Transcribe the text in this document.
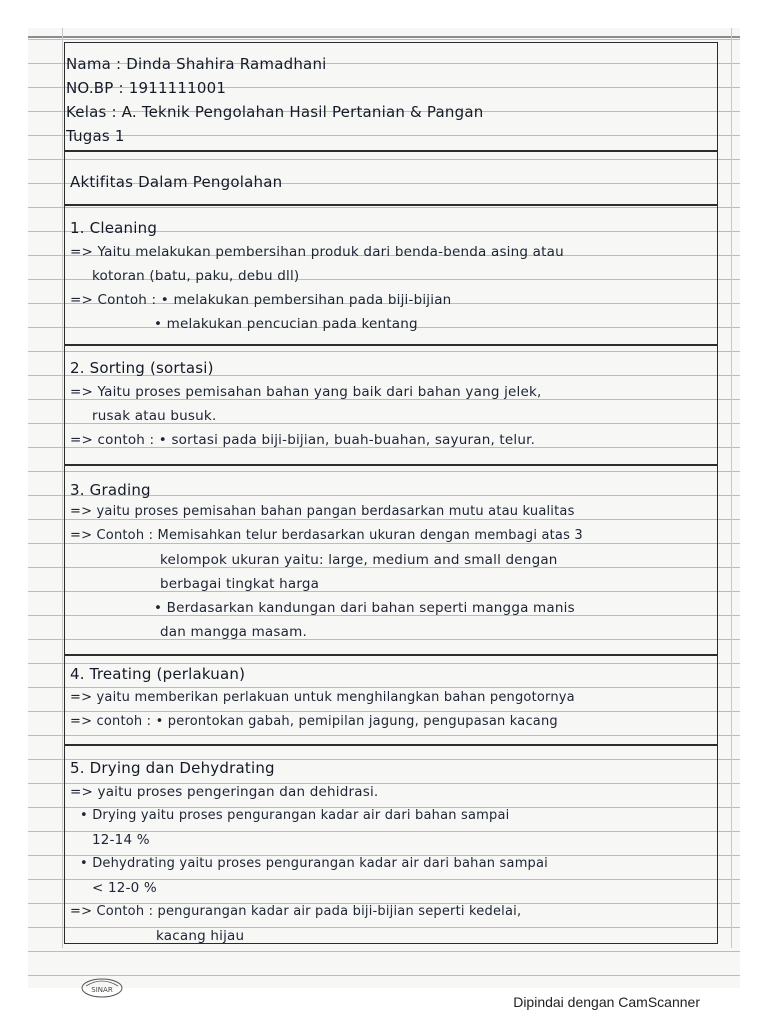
Nama : Dinda Shahira Ramadhani
NO.BP : 1911111001
Kelas : A. Teknik Pengolahan Hasil Pertanian & Pangan
Tugas 1
Aktifitas Dalam Pengolahan
1. Cleaning
=> Yaitu melakukan pembersihan produk dari benda-benda asing atau
kotoran (batu, paku, debu dll)
=> Contoh : • melakukan pembersihan pada biji-bijian
• melakukan pencucian pada kentang
2. Sorting (sortasi)
=> Yaitu proses pemisahan bahan yang baik dari bahan yang jelek,
rusak atau busuk.
=> contoh : • sortasi pada biji-bijian, buah-buahan, sayuran, telur.
3. Grading
=> yaitu proses pemisahan bahan pangan berdasarkan mutu atau kualitas
=> Contoh : Memisahkan telur berdasarkan ukuran dengan membagi atas 3
kelompok ukuran yaitu: large, medium and small dengan
berbagai tingkat harga
• Berdasarkan kandungan dari bahan seperti mangga manis
dan mangga masam.
4. Treating (perlakuan)
=> yaitu memberikan perlakuan untuk menghilangkan bahan pengotornya
=> contoh : • perontokan gabah, pemipilan jagung, pengupasan kacang
5. Drying dan Dehydrating
=> yaitu proses pengeringan dan dehidrasi.
• Drying yaitu proses pengurangan kadar air dari bahan sampai
12-14 %
• Dehydrating yaitu proses pengurangan kadar air dari bahan sampai
< 12-0 %
=> Contoh : pengurangan kadar air pada biji-bijian seperti kedelai,
kacang hijau
SINAR
Dipindai dengan CamScanner
